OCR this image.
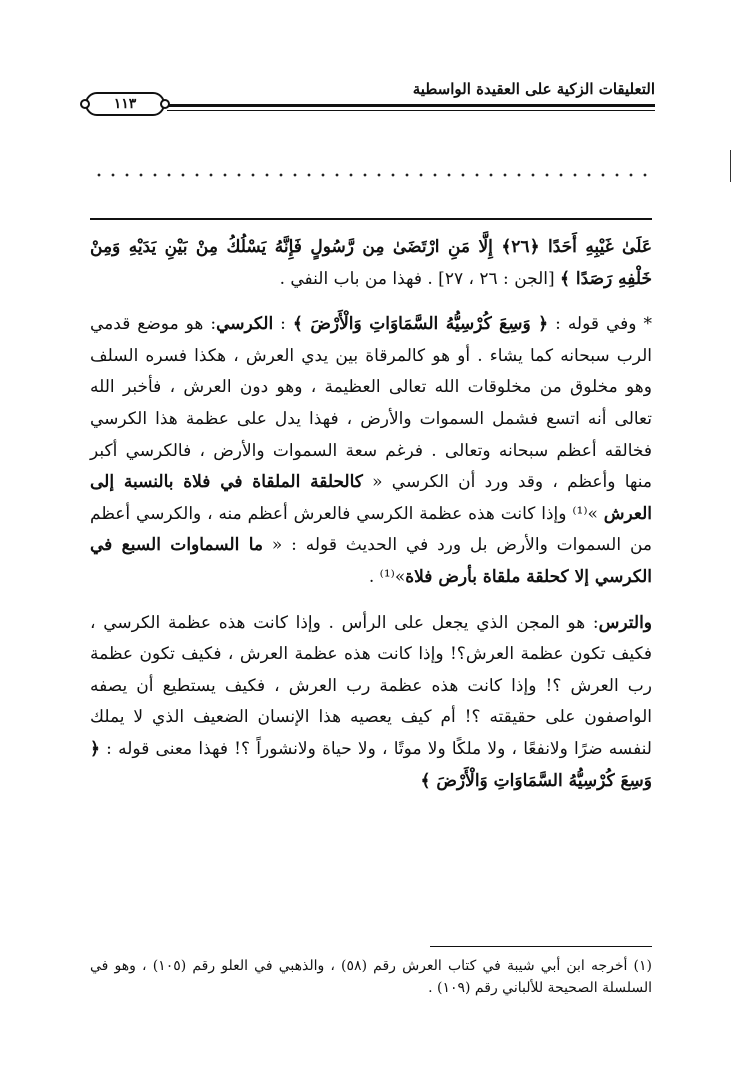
التعليقات الزكية على العقيدة الواسطية
١١٣

عَلَىٰ غَيْبِهِ أَحَدًا ﴿٢٦﴾ إِلَّا مَنِ ارْتَضَىٰ مِن رَّسُولٍ فَإِنَّهُ يَسْلُكُ مِنْ بَيْنِ يَدَيْهِ وَمِنْ خَلْفِهِ رَصَدًا ﴾ [الجن : ٢٦ ، ٢٧] . فهذا من باب النفي .

* وفي قوله : ﴿ وَسِعَ كُرْسِيُّهُ السَّمَاوَاتِ وَالْأَرْضَ ﴾ : الكرسي: هو موضع قدمي الرب سبحانه كما يشاء . أو هو كالمرقاة بين يدي العرش ، هكذا فسره السلف وهو مخلوق من مخلوقات الله تعالى العظيمة ، وهو دون العرش ، فأخبر الله تعالى أنه اتسع فشمل السموات والأرض ، فهذا يدل على عظمة هذا الكرسي فخالقه أعظم سبحانه وتعالى . فرغم سعة السموات والأرض ، فالكرسي أكبر منها وأعظم ، وقد ورد أن الكرسي « كالحلقة الملقاة في فلاة بالنسبة إلى العرش »⁽¹⁾ وإذا كانت هذه عظمة الكرسي فالعرش أعظم منه ، والكرسي أعظم من السموات والأرض بل ورد في الحديث قوله : « ما السماوات السبع في الكرسي إلا كحلقة ملقاة بأرض فلاة»⁽¹⁾ .

والترس: هو المجن الذي يجعل على الرأس . وإذا كانت هذه عظمة الكرسي ، فكيف تكون عظمة العرش؟! وإذا كانت هذه عظمة العرش ، فكيف تكون عظمة رب العرش ؟! وإذا كانت هذه عظمة رب العرش ، فكيف يستطيع أن يصفه الواصفون على حقيقته ؟! أم كيف يعصيه هذا الإنسان الضعيف الذي لا يملك لنفسه ضرًا ولانفعًا ، ولا ملكًا ولا موتًا ، ولا حياة ولانشوراً ؟! فهذا معنى قوله : ﴿ وَسِعَ كُرْسِيُّهُ السَّمَاوَاتِ وَالْأَرْضَ ﴾

(١) أخرجه ابن أبي شيبة في كتاب العرش رقم (٥٨) ، والذهبي في العلو رقم (١٠٥) ، وهو في السلسلة الصحيحة للألباني رقم (١٠٩) .
